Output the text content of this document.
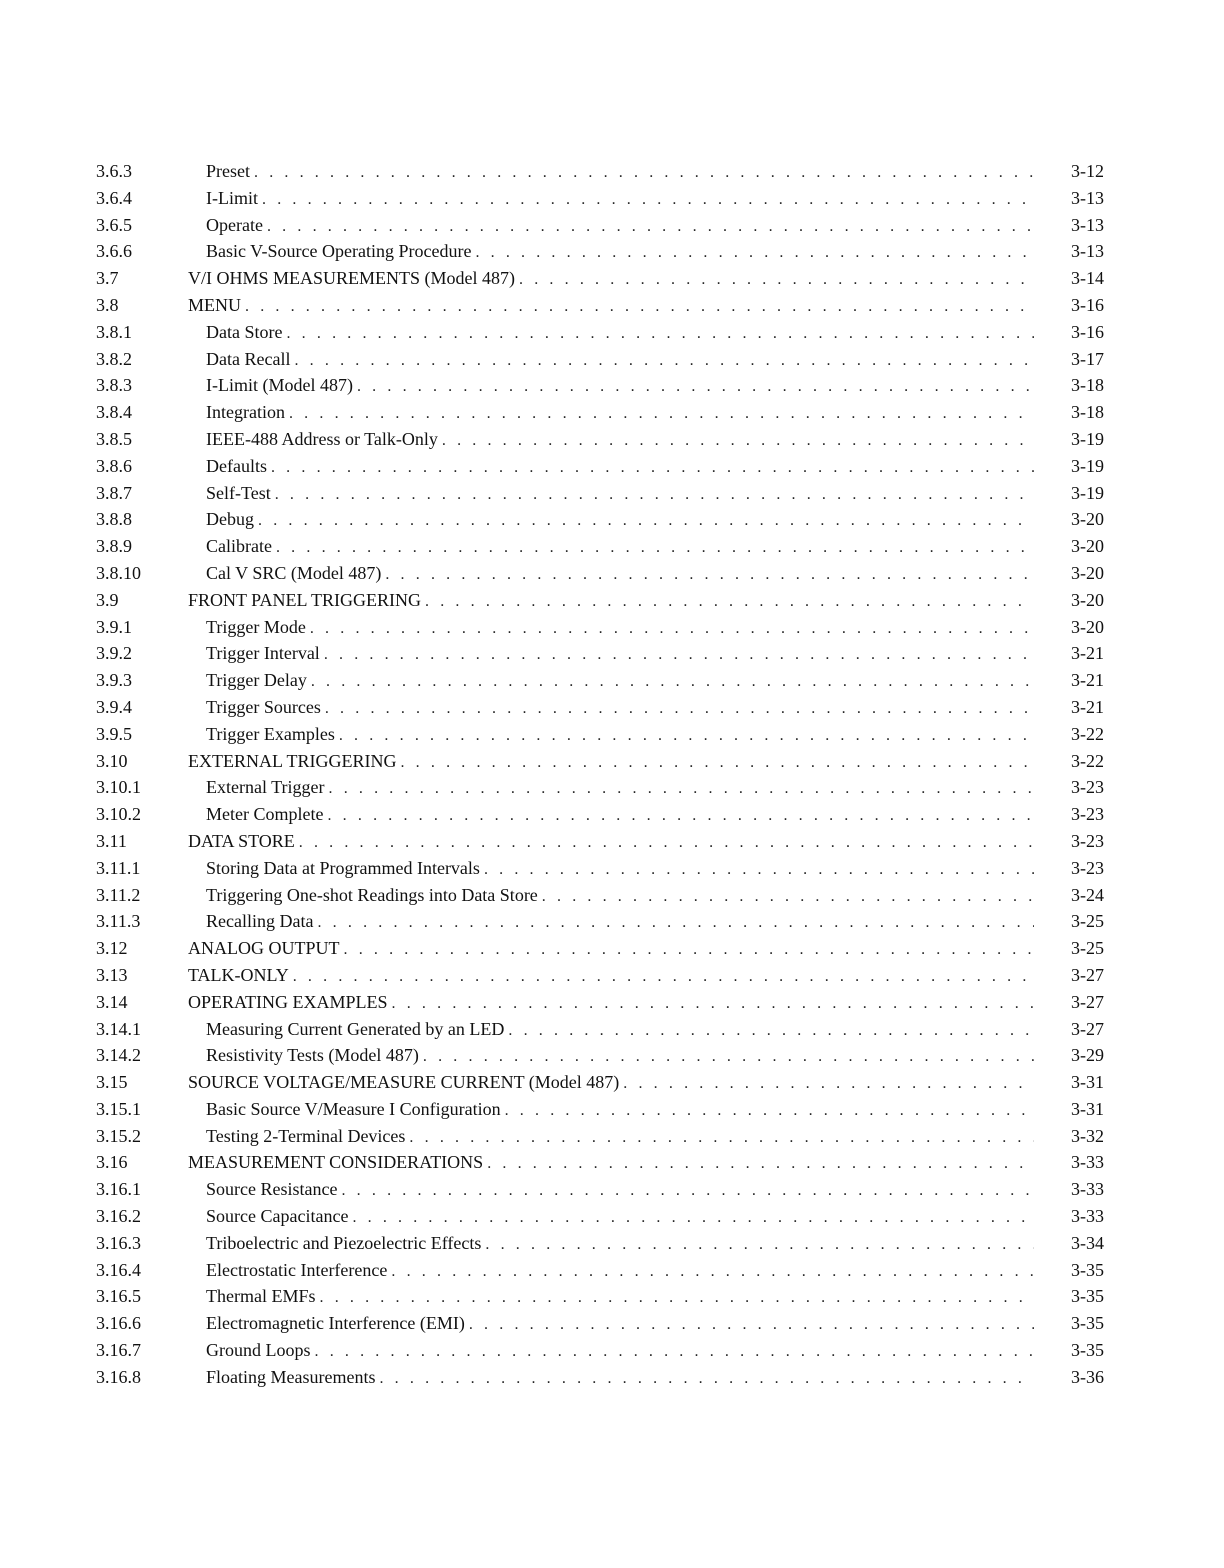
3.6.3	Preset . . .	3-12
3.6.4	I-Limit . . .	3-13
3.6.5	Operate . . .	3-13
3.6.6	Basic V-Source Operating Procedure . . .	3-13
3.7	V/I OHMS MEASUREMENTS (Model 487) . . .	3-14
3.8	MENU . . .	3-16
3.8.1	Data Store . . .	3-16
3.8.2	Data Recall . . .	3-17
3.8.3	I-Limit (Model 487) . . .	3-18
3.8.4	Integration . . .	3-18
3.8.5	IEEE-488 Address or Talk-Only . . .	3-19
3.8.6	Defaults . . .	3-19
3.8.7	Self-Test . . .	3-19
3.8.8	Debug . . .	3-20
3.8.9	Calibrate . . .	3-20
3.8.10	Cal V SRC (Model 487) . . .	3-20
3.9	FRONT PANEL TRIGGERING . . .	3-20
3.9.1	Trigger Mode . . .	3-20
3.9.2	Trigger Interval . . .	3-21
3.9.3	Trigger Delay . . .	3-21
3.9.4	Trigger Sources . . .	3-21
3.9.5	Trigger Examples . . .	3-22
3.10	EXTERNAL TRIGGERING . . .	3-22
3.10.1	External Trigger . . .	3-23
3.10.2	Meter Complete . . .	3-23
3.11	DATA STORE . . .	3-23
3.11.1	Storing Data at Programmed Intervals . . .	3-23
3.11.2	Triggering One-shot Readings into Data Store . . .	3-24
3.11.3	Recalling Data . . .	3-25
3.12	ANALOG OUTPUT . . .	3-25
3.13	TALK-ONLY . . .	3-27
3.14	OPERATING EXAMPLES . . .	3-27
3.14.1	Measuring Current Generated by an LED . . .	3-27
3.14.2	Resistivity Tests (Model 487) . . .	3-29
3.15	SOURCE VOLTAGE/MEASURE CURRENT (Model 487) . . .	3-31
3.15.1	Basic Source V/Measure I Configuration . . .	3-31
3.15.2	Testing 2-Terminal Devices . . .	3-32
3.16	MEASUREMENT CONSIDERATIONS . . .	3-33
3.16.1	Source Resistance . . .	3-33
3.16.2	Source Capacitance . . .	3-33
3.16.3	Triboelectric and Piezoelectric Effects . . .	3-34
3.16.4	Electrostatic Interference . . .	3-35
3.16.5	Thermal EMFs . . .	3-35
3.16.6	Electromagnetic Interference (EMI) . . .	3-35
3.16.7	Ground Loops . . .	3-35
3.16.8	Floating Measurements . . .	3-36
